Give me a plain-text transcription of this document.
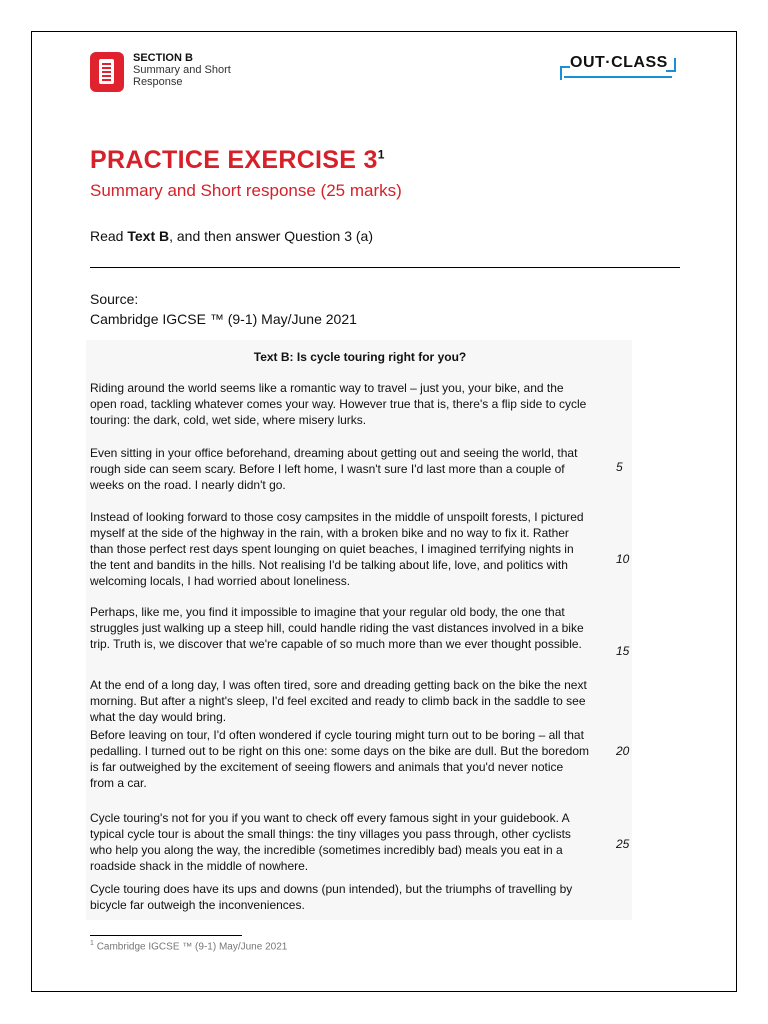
SECTION B
Summary and Short
Response
OUT·CLASS
PRACTICE EXERCISE $3^1$
Summary and Short response (25 marks)
Read Text B, and then answer Question 3 (a)
Source:
Cambridge IGCSE ™ (9-1) May/June 2021
Text B: Is cycle touring right for you?

Riding around the world seems like a romantic way to travel – just you, your bike, and the open road, tackling whatever comes your way. However true that is, there's a flip side to cycle touring: the dark, cold, wet side, where misery lurks.

Even sitting in your office beforehand, dreaming about getting out and seeing the world, that rough side can seem scary. Before I left home, I wasn't sure I'd last more than a couple of weeks on the road. I nearly didn't go.

Instead of looking forward to those cosy campsites in the middle of unspoilt forests, I pictured myself at the side of the highway in the rain, with a broken bike and no way to fix it. Rather than those perfect rest days spent lounging on quiet beaches, I imagined terrifying nights in the tent and bandits in the hills. Not realising I'd be talking about life, love, and politics with welcoming locals, I had worried about loneliness.

Perhaps, like me, you find it impossible to imagine that your regular old body, the one that struggles just walking up a steep hill, could handle riding the vast distances involved in a bike trip. Truth is, we discover that we're capable of so much more than we ever thought possible.

At the end of a long day, I was often tired, sore and dreading getting back on the bike the next morning. But after a night's sleep, I'd feel excited and ready to climb back in the saddle to see what the day would bring.

Before leaving on tour, I'd often wondered if cycle touring might turn out to be boring – all that pedalling. I turned out to be right on this one: some days on the bike are dull. But the boredom is far outweighed by the excitement of seeing flowers and animals that you'd never notice from a car.

Cycle touring's not for you if you want to check off every famous sight in your guidebook. A typical cycle tour is about the small things: the tiny villages you pass through, other cyclists who help you along the way, the incredible (sometimes incredibly bad) meals you eat in a roadside shack in the middle of nowhere.

Cycle touring does have its ups and downs (pun intended), but the triumphs of travelling by bicycle far outweigh the inconveniences.

5
10
15
20
25
$^1$ Cambridge IGCSE ™ (9-1) May/June 2021
